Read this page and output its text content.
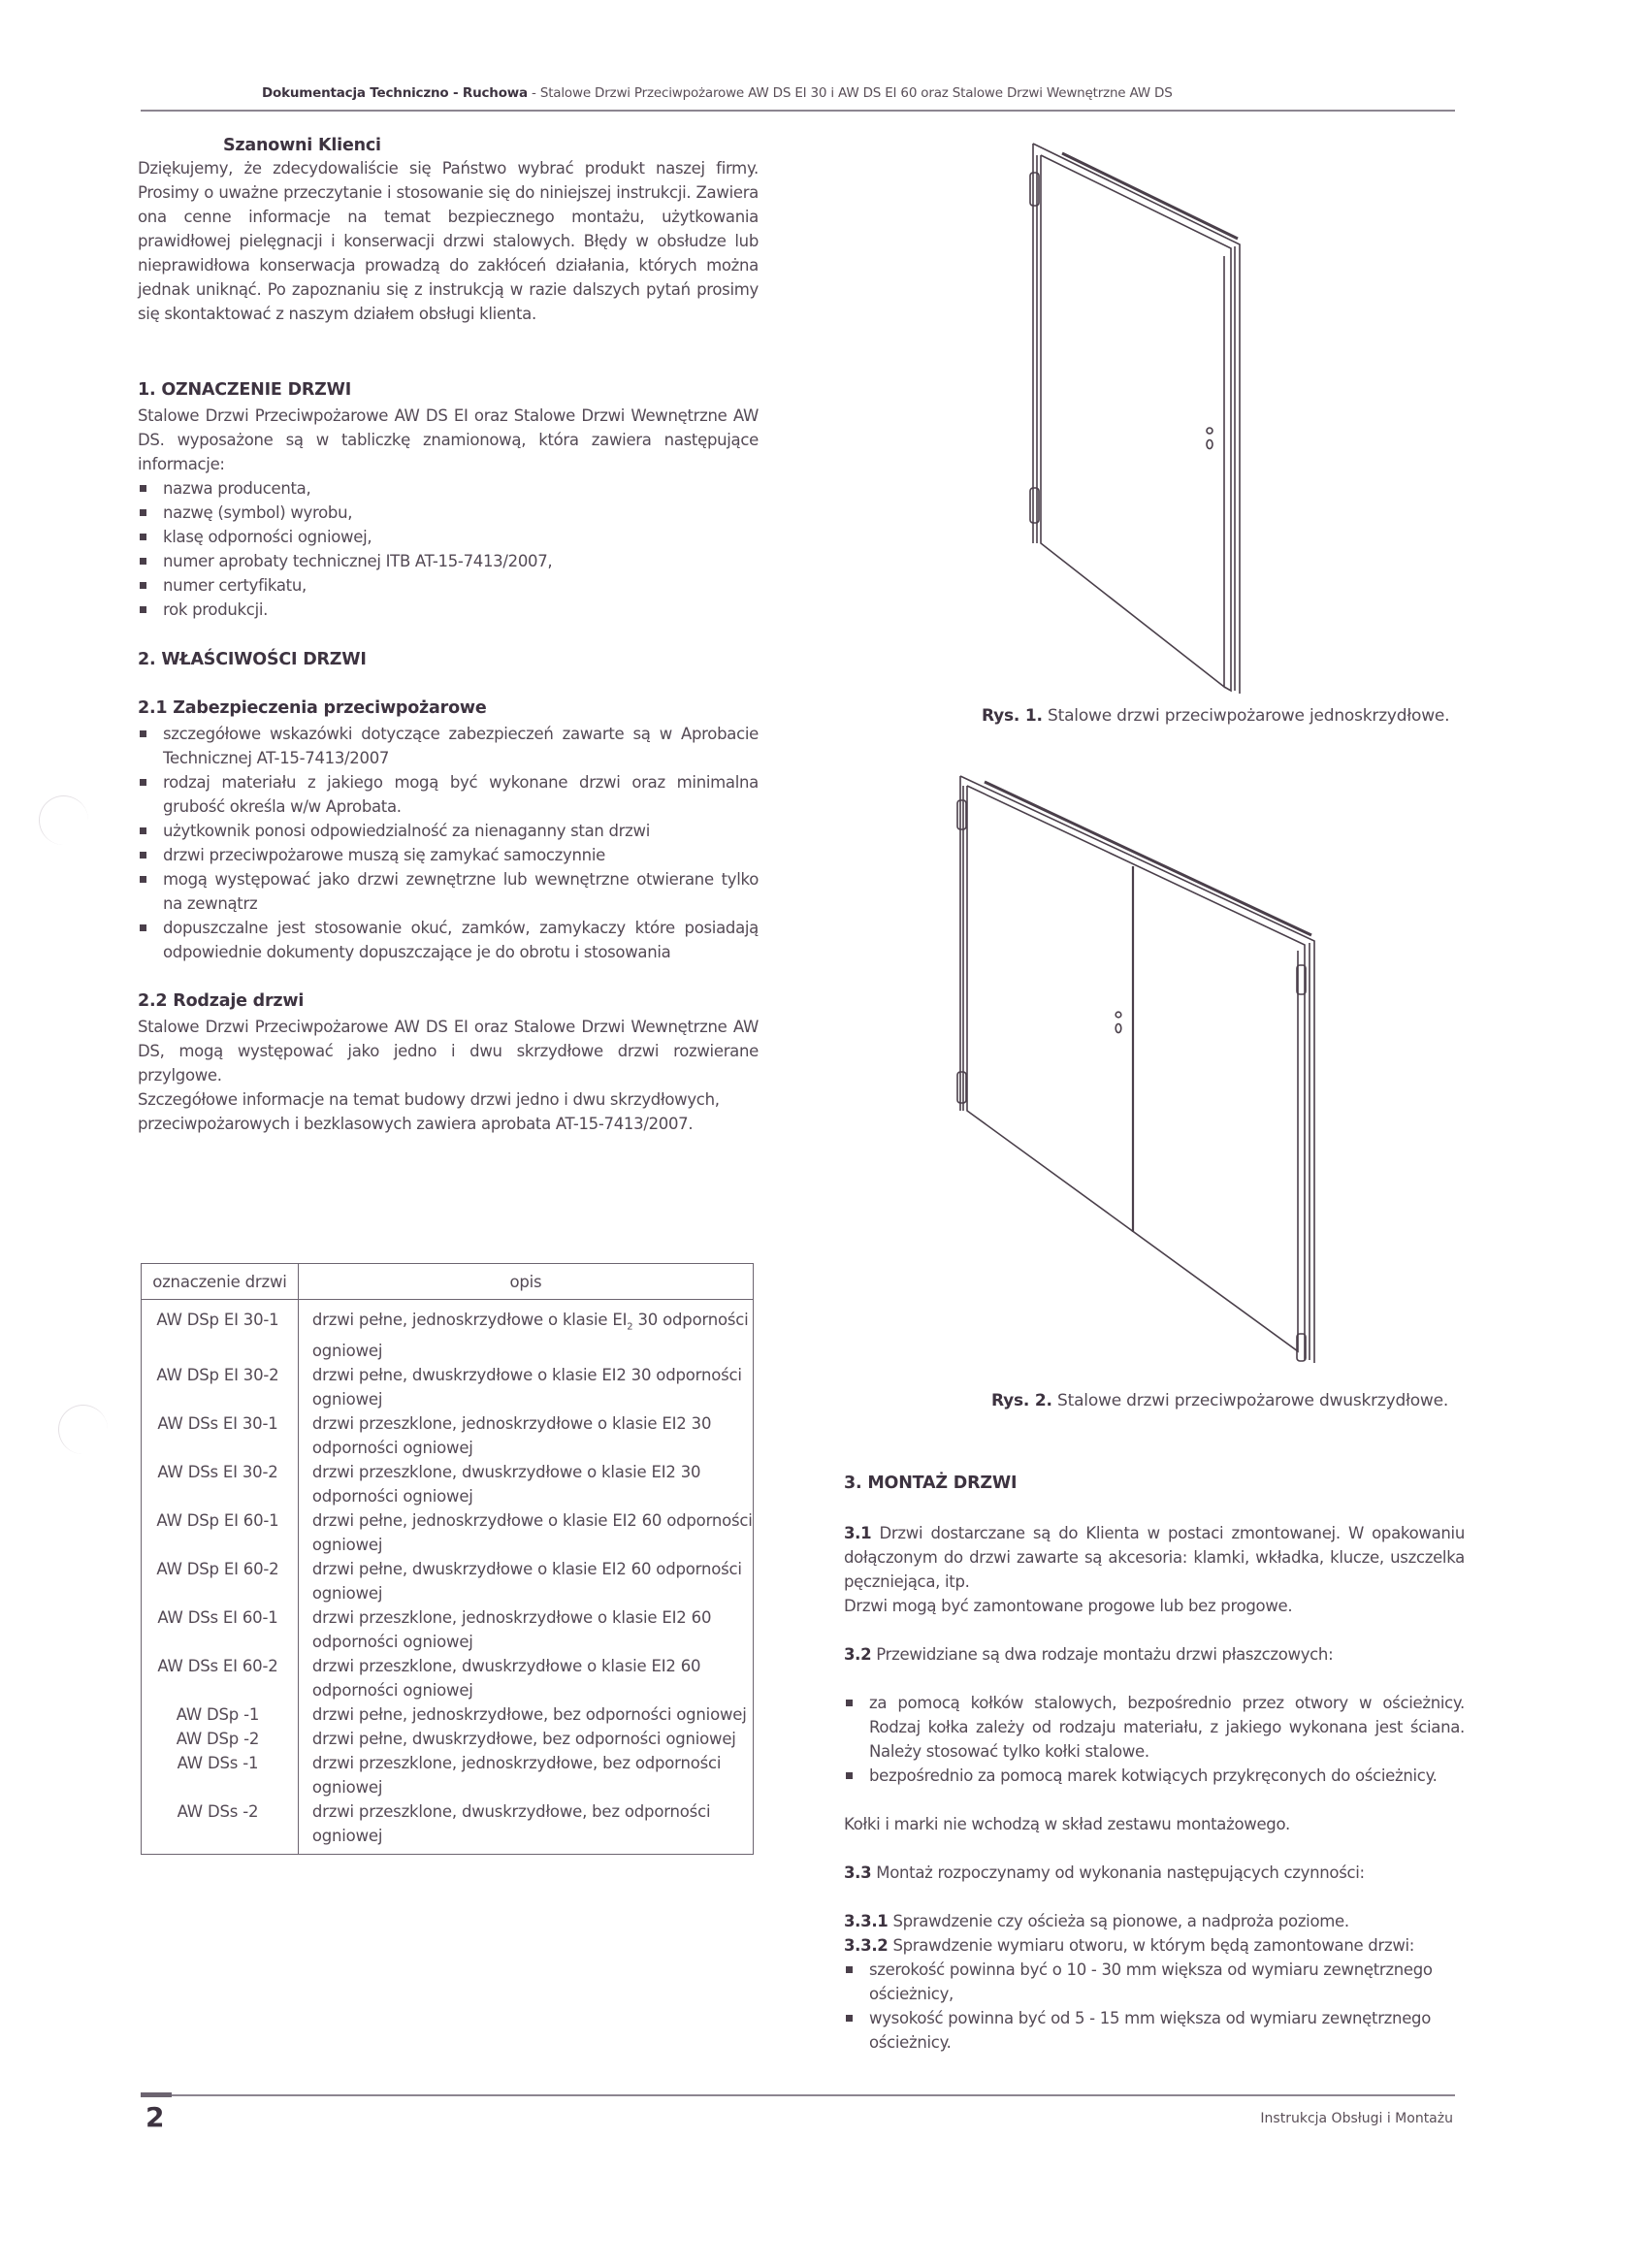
Dokumentacja Techniczno - Ruchowa - Stalowe Drzwi Przeciwpożarowe AW DS EI 30 i AW DS EI 60 oraz Stalowe Drzwi Wewnętrzne AW DS
Szanowni Klienci
Dziękujemy, że zdecydowaliście się Państwo wybrać produkt naszej firmy. Prosimy o uważne przeczytanie i stosowanie się do niniejszej instrukcji. Zawiera ona cenne informacje na temat bezpiecznego montażu, użytkowania prawidłowej pielęgnacji i konserwacji drzwi stalowych. Błędy w obsłudze lub nieprawidłowa konserwacja prowadzą do zakłóceń działania, których można jednak uniknąć. Po zapoznaniu się z instrukcją w razie dalszych pytań prosimy się skontaktować z naszym działem obsługi klienta.
1. OZNACZENIE DRZWI
Stalowe Drzwi Przeciwpożarowe AW DS EI oraz Stalowe Drzwi Wewnętrzne AW DS. wyposażone są w tabliczkę znamionową, która zawiera następujące informacje:
nazwa producenta,
nazwę (symbol) wyrobu,
klasę odporności ogniowej,
numer aprobaty technicznej ITB AT-15-7413/2007,
numer certyfikatu,
rok produkcji.
2. WŁAŚCIWOŚCI DRZWI
2.1 Zabezpieczenia przeciwpożarowe
szczegółowe wskazówki dotyczące zabezpieczeń zawarte są w Aprobacie Technicznej AT-15-7413/2007
rodzaj materiału z jakiego mogą być wykonane drzwi oraz minimalna grubość określa w/w Aprobata.
użytkownik ponosi odpowiedzialność za nienaganny stan drzwi
drzwi przeciwpożarowe muszą się zamykać samoczynnie
mogą występować jako drzwi zewnętrzne lub wewnętrzne otwierane tylko na zewnątrz
dopuszczalne jest stosowanie okuć, zamków, zamykaczy które posiadają odpowiednie dokumenty dopuszczające je do obrotu i stosowania
2.2 Rodzaje drzwi
Stalowe Drzwi Przeciwpożarowe AW DS EI oraz Stalowe Drzwi Wewnętrzne AW DS, mogą występować jako jedno i dwu skrzydłowe drzwi rozwierane przylgowe.
Szczegółowe informacje na temat budowy drzwi jedno i dwu skrzydłowych, przeciwpożarowych i bezklasowych zawiera aprobata AT-15-7413/2007.
oznaczenie drzwi	opis
AW DSp EI 30-1	drzwi pełne, jednoskrzydłowe o klasie $EI_2$ 30 odporności ogniowej
AW DSp EI 30-2	drzwi pełne, dwuskrzydłowe o klasie EI2 30 odporności ogniowej
AW DSs EI 30-1	drzwi przeszklone, jednoskrzydłowe o klasie EI2 30 odporności ogniowej
AW DSs EI 30-2	drzwi przeszklone, dwuskrzydłowe o klasie EI2 30 odporności ogniowej
AW DSp EI 60-1	drzwi pełne, jednoskrzydłowe o klasie EI2 60 odporności ogniowej
AW DSp EI 60-2	drzwi pełne, dwuskrzydłowe o klasie EI2 60 odporności ogniowej
AW DSs EI 60-1	drzwi przeszklone, jednoskrzydłowe o klasie EI2 60 odporności ogniowej
AW DSs EI 60-2	drzwi przeszklone, dwuskrzydłowe o klasie EI2 60 odporności ogniowej
AW DSp -1	drzwi pełne, jednoskrzydłowe, bez odporności ogniowej
AW DSp -2	drzwi pełne, dwuskrzydłowe, bez odporności ogniowej
AW DSs -1	drzwi przeszklone, jednoskrzydłowe, bez odporności ogniowej
AW DSs -2	drzwi przeszklone, dwuskrzydłowe, bez odporności ogniowej
Rys. 1. Stalowe drzwi przeciwpożarowe jednoskrzydłowe.
Rys. 2. Stalowe drzwi przeciwpożarowe dwuskrzydłowe.
3. MONTAŻ DRZWI
3.1 Drzwi dostarczane są do Klienta w postaci zmontowanej. W opakowaniu dołączonym do drzwi zawarte są akcesoria: klamki, wkładka, klucze, uszczelka pęczniejąca, itp.
Drzwi mogą być zamontowane progowe lub bez progowe.
3.2 Przewidziane są dwa rodzaje montażu drzwi płaszczowych:
za pomocą kołków stalowych, bezpośrednio przez otwory w ościeżnicy. Rodzaj kołka zależy od rodzaju materiału, z jakiego wykonana jest ściana. Należy stosować tylko kołki stalowe.
bezpośrednio za pomocą marek kotwiących przykręconych do ościeżnicy.
Kołki i marki nie wchodzą w skład zestawu montażowego.
3.3 Montaż rozpoczynamy od wykonania następujących czynności:
3.3.1 Sprawdzenie czy ościeża są pionowe, a nadproża poziome.
3.3.2 Sprawdzenie wymiaru otworu, w którym będą zamontowane drzwi:
szerokość powinna być o 10 - 30 mm większa od wymiaru zewnętrznego ościeżnicy,
wysokość powinna być od 5 - 15 mm większa od wymiaru zewnętrznego ościeżnicy.
2	Instrukcja Obsługi i Montażu
